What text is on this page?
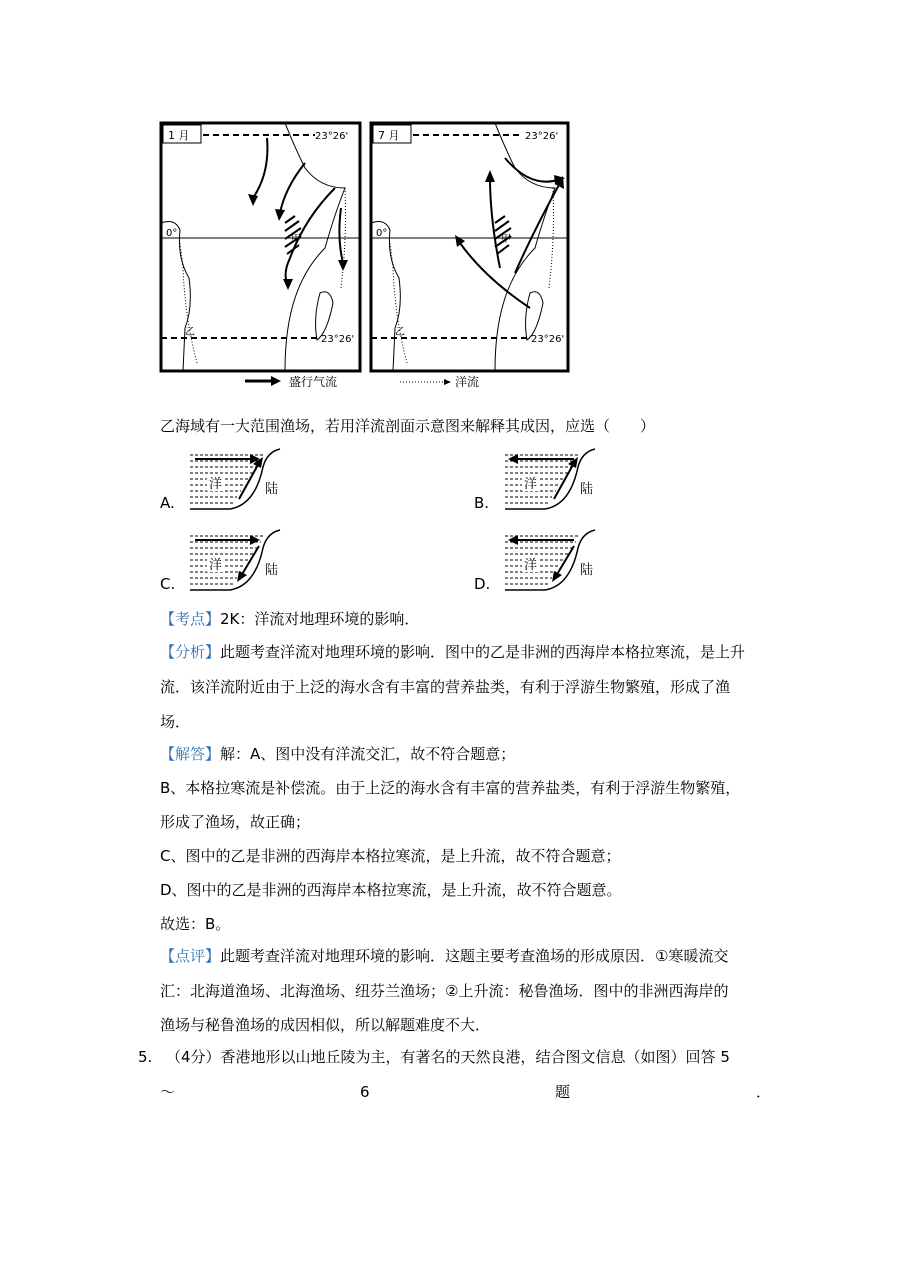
1 月	23°26'
0°
23°26'
甲
乙
7 月	23°26'
0°
23°26'
甲
乙
盛行气流	洋流
乙海域有一大范围渔场，若用洋流剖面示意图来解释其成因，应选（　　）
A.
洋	陆
B.
洋	陆
C.
洋	陆
D.
洋	陆
【考点】2K：洋流对地理环境的影响．
【分析】此题考查洋流对地理环境的影响．图中的乙是非洲的西海岸本格拉寒流，是上升
流．该洋流附近由于上泛的海水含有丰富的营养盐类，有利于浮游生物繁殖，形成了渔
场．
【解答】解：A、图中没有洋流交汇，故不符合题意；
B、本格拉寒流是补偿流。由于上泛的海水含有丰富的营养盐类，有利于浮游生物繁殖，
形成了渔场，故正确；
C、图中的乙是非洲的西海岸本格拉寒流，是上升流，故不符合题意；
D、图中的乙是非洲的西海岸本格拉寒流，是上升流，故不符合题意。
故选：B。
【点评】此题考查洋流对地理环境的影响．这题主要考查渔场的形成原因．①寒暖流交
汇：北海道渔场、北海渔场、纽芬兰渔场；②上升流：秘鲁渔场．图中的非洲西海岸的
渔场与秘鲁渔场的成因相似，所以解题难度不大．
5. （4分）香港地形以山地丘陵为主，有著名的天然良港，结合图文信息（如图）回答 5
～	6	题	．
